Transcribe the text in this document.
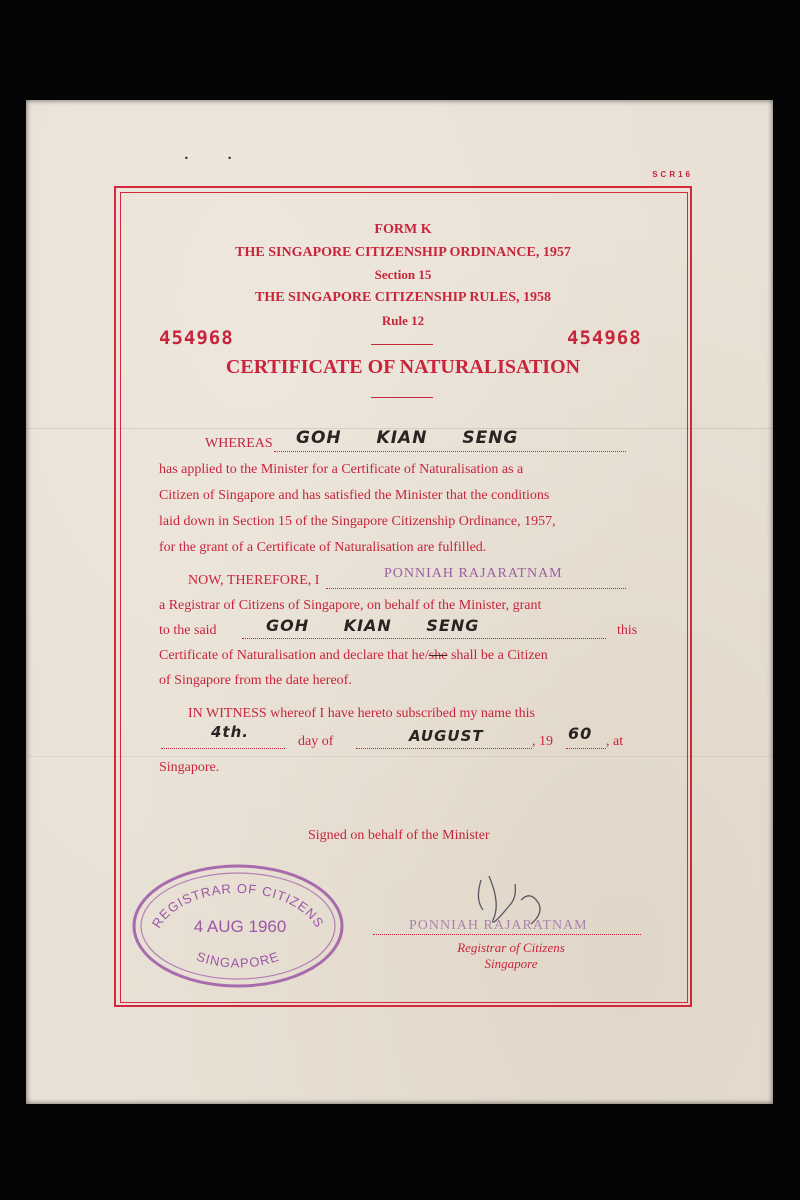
• •
SCR16
FORM K
THE SINGAPORE CITIZENSHIP ORDINANCE, 1957
Section 15
THE SINGAPORE CITIZENSHIP RULES, 1958
Rule 12
454968	454968
CERTIFICATE OF NATURALISATION
WHEREAS GOH KIAN SENG
has applied to the Minister for a Certificate of Naturalisation as a
Citizen of Singapore and has satisfied the Minister that the conditions
laid down in Section 15 of the Singapore Citizenship Ordinance, 1957,
for the grant of a Certificate of Naturalisation are fulfilled.
NOW, THEREFORE, I	PONNIAH RAJARATNAM
a Registrar of Citizens of Singapore, on behalf of the Minister, grant
to the said	GOH KIAN SENG	this
Certificate of Naturalisation and declare that he/she shall be a Citizen
of Singapore from the date hereof.
IN WITNESS whereof I have hereto subscribed my name this
4th.
day of	AUGUST	, 19 60 , at
Singapore.
Signed on behalf of the Minister
REGISTRAR OF CITIZENS
4 AUG 1960
SINGAPORE
PONNIAH RAJARATNAM
Registrar of Citizens
Singapore
